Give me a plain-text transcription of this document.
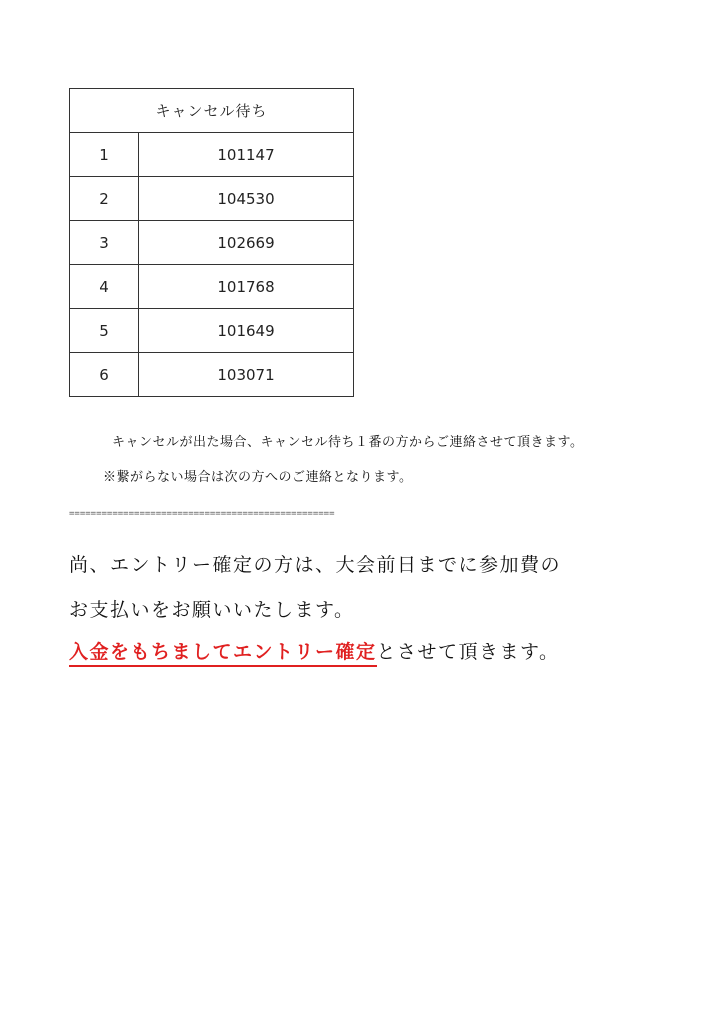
キャンセル待ち	
1	101147
2	104530
3	102669
4	101768
5	101649
6	103071
キャンセルが出た場合、キャンセル待ち１番の方からご連絡させて頂きます。
※繋がらない場合は次の方へのご連絡となります。
=================================================
尚、エントリー確定の方は、大会前日までに参加費の
お支払いをお願いいたします。
入金をもちましてエントリー確定とさせて頂きます。
